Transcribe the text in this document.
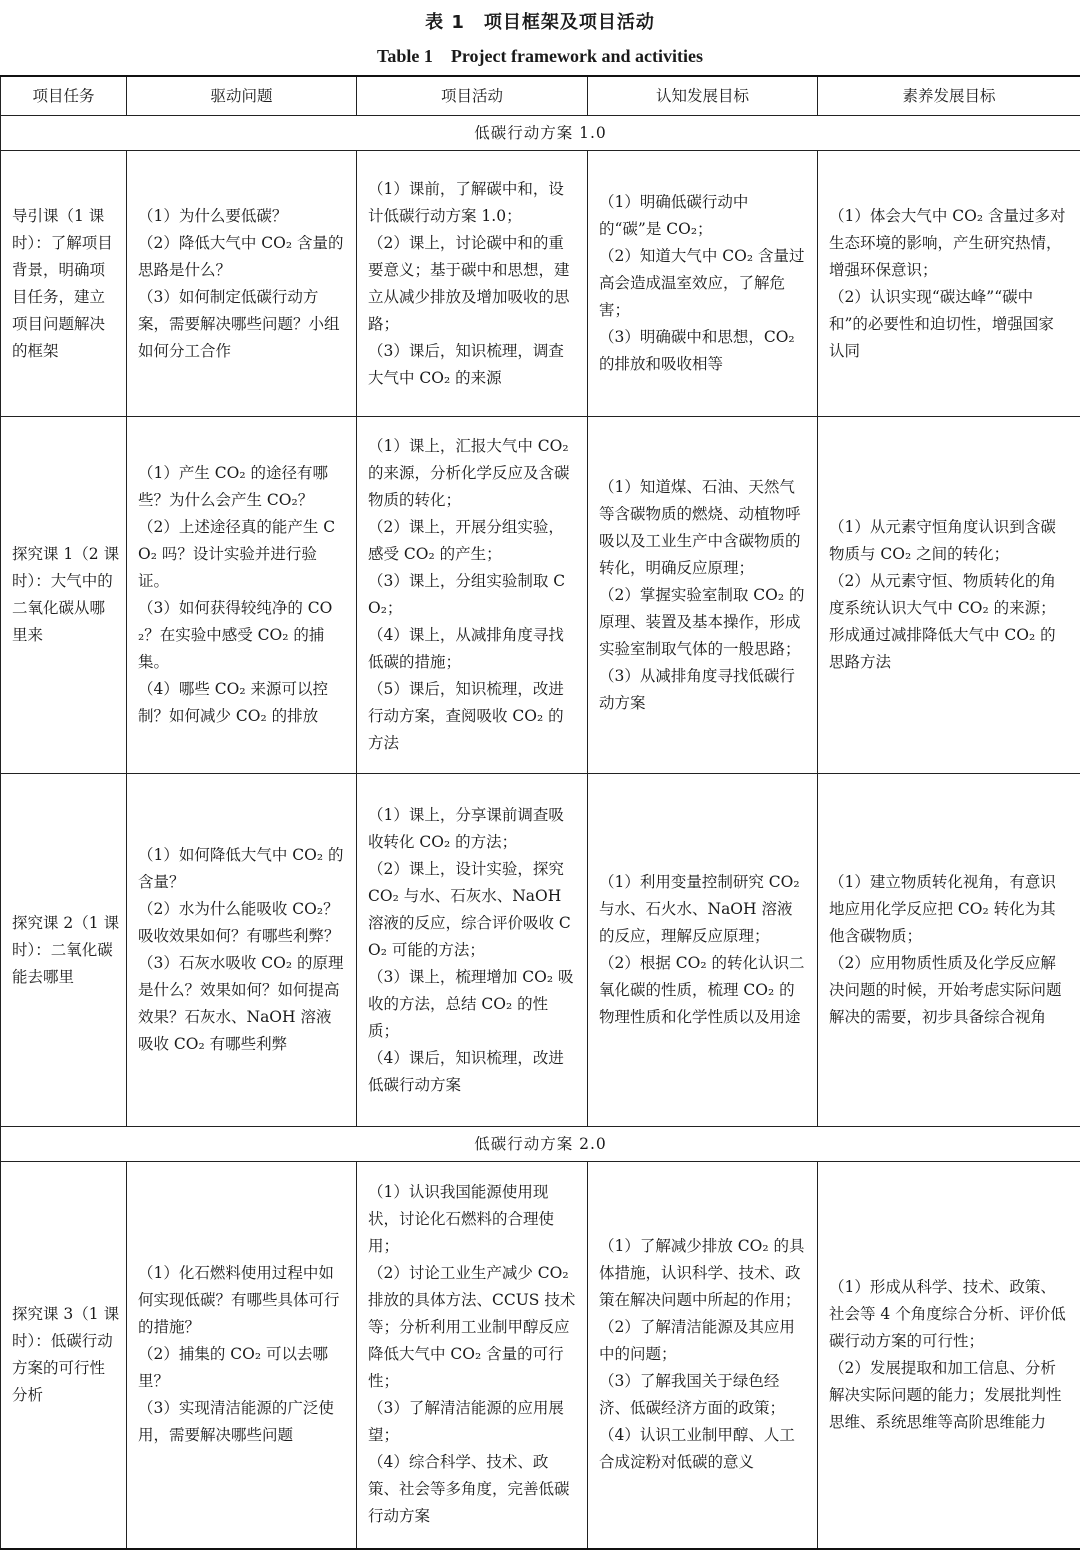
表 1　项目框架及项目活动
Table 1　Project framework and activities
项目任务	驱动问题	项目活动	认知发展目标	素养发展目标
低碳行动方案 1.0				
导引课（1 课时）：了解项目背景，明确项目任务，建立项目问题解决的框架	（1）为什么要低碳？
（2）降低大气中 CO₂ 含量的思路是什么？
（3）如何制定低碳行动方案，需要解决哪些问题？小组如何分工合作	（1）课前，了解碳中和，设计低碳行动方案 1.0；
（2）课上，讨论碳中和的重要意义；基于碳中和思想，建立从减少排放及增加吸收的思路；
（3）课后，知识梳理，调查大气中 CO₂ 的来源	（1）明确低碳行动中的“碳”是 CO₂；
（2）知道大气中 CO₂ 含量过高会造成温室效应，了解危害；
（3）明确碳中和思想，CO₂ 的排放和吸收相等	（1）体会大气中 CO₂ 含量过多对生态环境的影响，产生研究热情，增强环保意识；
（2）认识实现“碳达峰”“碳中和”的必要性和迫切性，增强国家认同

探究课 1（2 课时）：大气中的二氧化碳从哪里来	（1）产生 CO₂ 的途径有哪些？为什么会产生 CO₂？
（2）上述途径真的能产生 CO₂ 吗？设计实验并进行验证。
（3）如何获得较纯净的 CO₂？在实验中感受 CO₂ 的捕集。
（4）哪些 CO₂ 来源可以控制？如何减少 CO₂ 的排放	（1）课上，汇报大气中 CO₂ 的来源，分析化学反应及含碳物质的转化；
（2）课上，开展分组实验，感受 CO₂ 的产生；
（3）课上，分组实验制取 CO₂；
（4）课上，从减排角度寻找低碳的措施；
（5）课后，知识梳理，改进行动方案，查阅吸收 CO₂ 的方法	（1）知道煤、石油、天然气等含碳物质的燃烧、动植物呼吸以及工业生产中含碳物质的转化，明确反应原理；
（2）掌握实验室制取 CO₂ 的原理、装置及基本操作，形成实验室制取气体的一般思路；
（3）从减排角度寻找低碳行动方案	（1）从元素守恒角度认识到含碳物质与 CO₂ 之间的转化；
（2）从元素守恒、物质转化的角度系统认识大气中 CO₂ 的来源；形成通过减排降低大气中 CO₂ 的思路方法

探究课 2（1 课时）：二氧化碳能去哪里	（1）如何降低大气中 CO₂ 的含量？
（2）水为什么能吸收 CO₂？吸收效果如何？有哪些利弊？
（3）石灰水吸收 CO₂ 的原理是什么？效果如何？如何提高效果？石灰水、NaOH 溶液吸收 CO₂ 有哪些利弊	（1）课上，分享课前调查吸收转化 CO₂ 的方法；
（2）课上，设计实验，探究 CO₂ 与水、石灰水、NaOH 溶液的反应，综合评价吸收 CO₂ 可能的方法；
（3）课上，梳理增加 CO₂ 吸收的方法，总结 CO₂ 的性质；
（4）课后，知识梳理，改进低碳行动方案	（1）利用变量控制研究 CO₂ 与水、石火水、NaOH 溶液的反应，理解反应原理；
（2）根据 CO₂ 的转化认识二氧化碳的性质，梳理 CO₂ 的物理性质和化学性质以及用途	（1）建立物质转化视角，有意识地应用化学反应把 CO₂ 转化为其他含碳物质；
（2）应用物质性质及化学反应解决问题的时候，开始考虑实际问题解决的需要，初步具备综合视角

低碳行动方案 2.0				
探究课 3（1 课时）：低碳行动方案的可行性分析	（1）化石燃料使用过程中如何实现低碳？有哪些具体可行的措施？
（2）捕集的 CO₂ 可以去哪里？
（3）实现清洁能源的广泛使用，需要解决哪些问题	（1）认识我国能源使用现状，讨论化石燃料的合理使用；
（2）讨论工业生产减少 CO₂ 排放的具体方法、CCUS 技术等；分析利用工业制甲醇反应降低大气中 CO₂ 含量的可行性；
（3）了解清洁能源的应用展望；
（4）综合科学、技术、政策、社会等多角度，完善低碳行动方案	（1）了解减少排放 CO₂ 的具体措施，认识科学、技术、政策在解决问题中所起的作用；
（2）了解清洁能源及其应用中的问题；
（3）了解我国关于绿色经济、低碳经济方面的政策；
（4）认识工业制甲醇、人工合成淀粉对低碳的意义	（1）形成从科学、技术、政策、社会等 4 个角度综合分析、评价低碳行动方案的可行性；
（2）发展提取和加工信息、分析解决实际问题的能力；发展批判性思维、系统思维等高阶思维能力
